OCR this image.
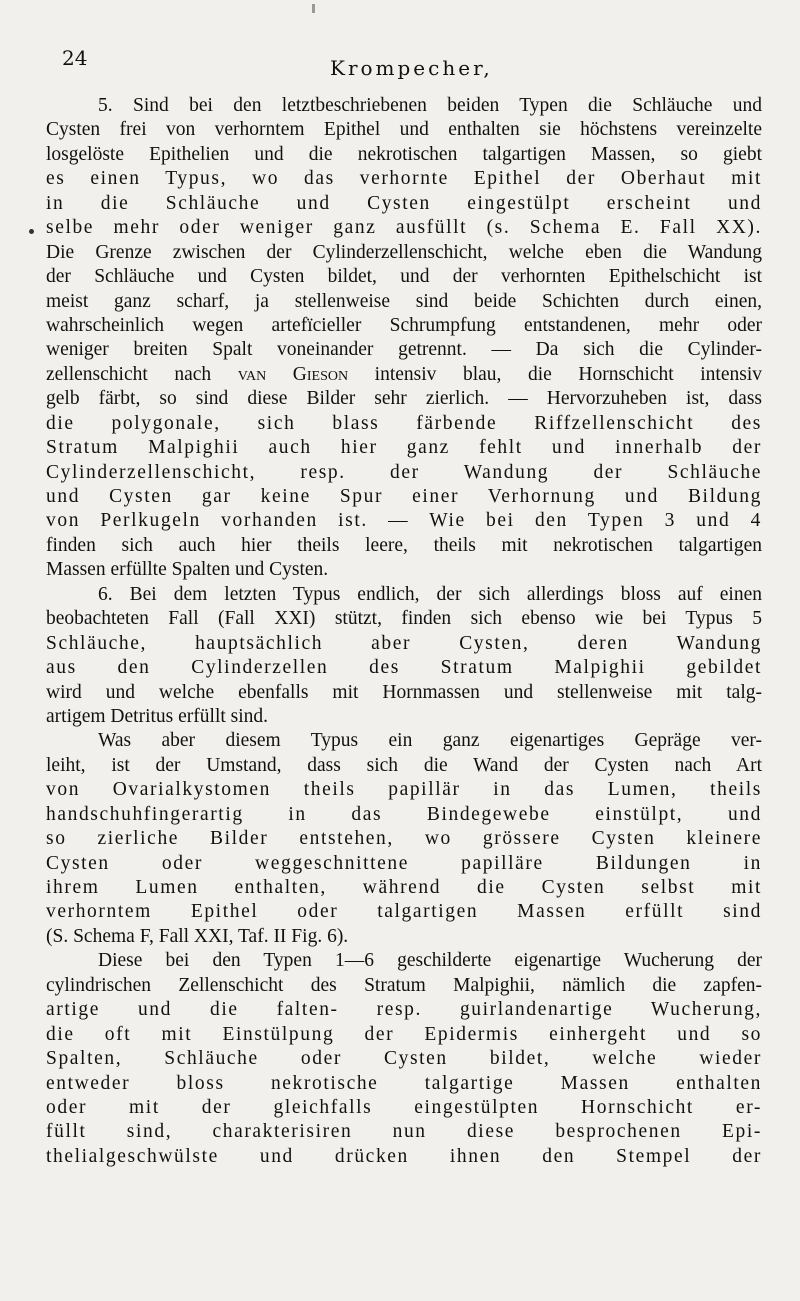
24	Krompecher,
5. Sind bei den letztbeschriebenen beiden Typen die Schläuche und
Cysten frei von verhorntem Epithel und enthalten sie höchstens vereinzelte
losgelöste Epithelien und die nekrotischen talgartigen Massen, so giebt
es einen Typus, wo das verhornte Epithel der Oberhaut mit
in die Schläuche und Cysten eingestülpt erscheint und
selbe mehr oder weniger ganz ausfüllt (s. Schema E. Fall XX).
Die Grenze zwischen der Cylinderzellenschicht, welche eben die Wandung
der Schläuche und Cysten bildet, und der verhornten Epithelschicht ist
meist ganz scharf, ja stellenweise sind beide Schichten durch einen,
wahrscheinlich wegen artefïcieller Schrumpfung entstandenen, mehr oder
weniger breiten Spalt voneinander getrennt. — Da sich die Cylinder-
zellenschicht nach van Gieson intensiv blau, die Hornschicht intensiv
gelb färbt, so sind diese Bilder sehr zierlich. — Hervorzuheben ist, dass
die polygonale, sich blass färbende Riffzellenschicht des
Stratum Malpighii auch hier ganz fehlt und innerhalb der
Cylinderzellenschicht, resp. der Wandung der Schläuche
und Cysten gar keine Spur einer Verhornung und Bildung
von Perlkugeln vorhanden ist. — Wie bei den Typen 3 und 4
finden sich auch hier theils leere, theils mit nekrotischen talgartigen
Massen erfüllte Spalten und Cysten.
6. Bei dem letzten Typus endlich, der sich allerdings bloss auf einen
beobachteten Fall (Fall XXI) stützt, finden sich ebenso wie bei Typus 5
Schläuche, hauptsächlich aber Cysten, deren Wandung
aus den Cylinderzellen des Stratum Malpighii gebildet
wird und welche ebenfalls mit Hornmassen und stellenweise mit talg-
artigem Detritus erfüllt sind.
Was aber diesem Typus ein ganz eigenartiges Gepräge ver-
leiht, ist der Umstand, dass sich die Wand der Cysten nach Art
von Ovarialkystomen theils papillär in das Lumen, theils
handschuhfingerartig in das Bindegewebe einstülpt, und
so zierliche Bilder entstehen, wo grössere Cysten kleinere
Cysten oder weggeschnittene papilläre Bildungen in
ihrem Lumen enthalten, während die Cysten selbst mit
verhorntem Epithel oder talgartigen Massen erfüllt sind
(S. Schema F, Fall XXI, Taf. II Fig. 6).
Diese bei den Typen 1—6 geschilderte eigenartige Wucherung der
cylindrischen Zellenschicht des Stratum Malpighii, nämlich die zapfen-
artige und die falten- resp. guirlandenartige Wucherung,
die oft mit Einstülpung der Epidermis einhergeht und so
Spalten, Schläuche oder Cysten bildet, welche wieder
entweder bloss nekrotische talgartige Massen enthalten
oder mit der gleichfalls eingestülpten Hornschicht er-
füllt sind, charakterisiren nun diese besprochenen Epi-
thelialgeschwülste und drücken ihnen den Stempel der
